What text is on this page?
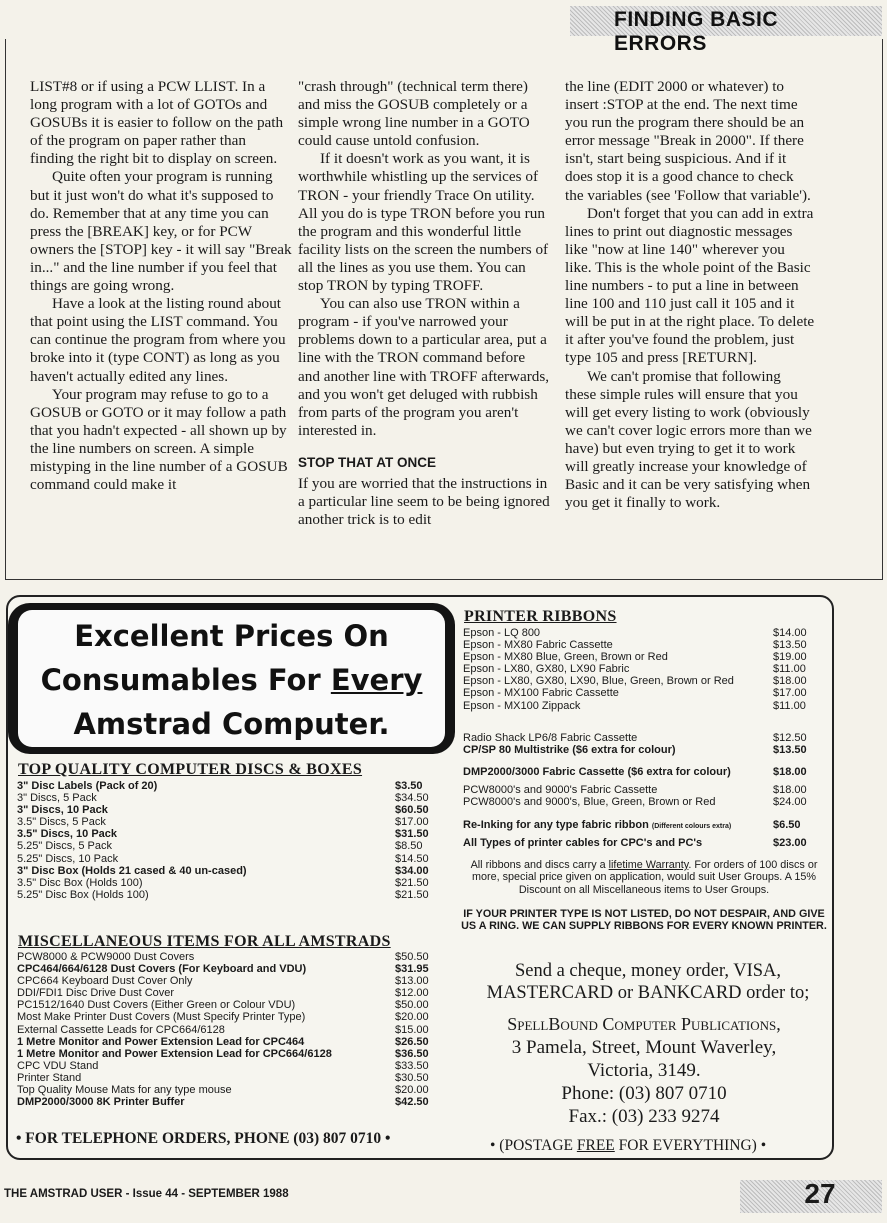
FINDING BASIC ERRORS

LIST#8 or if using a PCW LLIST. In a long program with a lot of GOTOs and GOSUBs it is easier to follow on the path of the program on paper rather than finding the right bit to display on screen.

Quite often your program is running but it just won't do what it's supposed to do. Remember that at any time you can press the [BREAK] key, or for PCW owners the [STOP] key - it will say "Break in..." and the line number if you feel that things are going wrong.

Have a look at the listing round about that point using the LIST command. You can continue the program from where you broke into it (type CONT) as long as you haven't actually edited any lines.

Your program may refuse to go to a GOSUB or GOTO or it may follow a path that you hadn't expected - all shown up by the line numbers on screen. A simple mistyping in the line number of a GOSUB command could make it

"crash through" (technical term there) and miss the GOSUB completely or a simple wrong line number in a GOTO could cause untold confusion.

If it doesn't work as you want, it is worthwhile whistling up the services of TRON - your friendly Trace On utility. All you do is type TRON before you run the program and this wonderful little facility lists on the screen the numbers of all the lines as you use them. You can stop TRON by typing TROFF.

You can also use TRON within a program - if you've narrowed your problems down to a particular area, put a line with the TRON command before and another line with TROFF afterwards, and you won't get deluged with rubbish from parts of the program you aren't interested in.

STOP THAT AT ONCE

If you are worried that the instructions in a particular line seem to be being ignored another trick is to edit

the line (EDIT 2000 or whatever) to insert :STOP at the end. The next time you run the program there should be an error message "Break in 2000". If there isn't, start being suspicious. And if it does stop it is a good chance to check the variables (see 'Follow that variable').

Don't forget that you can add in extra lines to print out diagnostic messages like "now at line 140" wherever you like. This is the whole point of the Basic line numbers - to put a line in between line 100 and 110 just call it 105 and it will be put in at the right place. To delete it after you've found the problem, just type 105 and press [RETURN].

We can't promise that following these simple rules will ensure that you will get every listing to work (obviously we can't cover logic errors more than we have) but even trying to get it to work will greatly increase your knowledge of Basic and it can be very satisfying when you get it finally to work.

Excellent Prices On
Consumables For Every
Amstrad Computer.
TOP QUALITY COMPUTER DISCS & BOXES
3" Disc Labels (Pack of 20)	$3.50
3" Discs, 5 Pack	$34.50
3" Discs, 10 Pack	$60.50
3.5" Discs, 5 Pack	$17.00
3.5" Discs, 10 Pack	$31.50
5.25" Discs, 5 Pack	$8.50
5.25" Discs, 10 Pack	$14.50
3" Disc Box (Holds 21 cased & 40 un-cased)	$34.00
3.5" Disc Box (Holds 100)	$21.50
5.25" Disc Box (Holds 100)	$21.50
MISCELLANEOUS ITEMS FOR ALL AMSTRADS
PCW8000 & PCW9000 Dust Covers	$50.50
CPC464/664/6128 Dust Covers (For Keyboard and VDU)	$31.95
CPC664 Keyboard Dust Cover Only	$13.00
DDI/FDI1 Disc Drive Dust Cover	$12.00
PC1512/1640 Dust Covers (Either Green or Colour VDU)	$50.00
Most Make Printer Dust Covers (Must Specify Printer Type)	$20.00
External Cassette Leads for CPC664/6128	$15.00
1 Metre Monitor and Power Extension Lead for CPC464	$26.50
1 Metre Monitor and Power Extension Lead for CPC664/6128	$36.50
CPC VDU Stand	$33.50
Printer Stand	$30.50
Top Quality Mouse Mats for any type mouse	$20.00
DMP2000/3000 8K Printer Buffer	$42.50
PRINTER RIBBONS
Epson - LQ 800	$14.00
Epson - MX80 Fabric Cassette	$13.50
Epson - MX80 Blue, Green, Brown or Red	$19.00
Epson - LX80, GX80, LX90 Fabric	$11.00
Epson - LX80, GX80, LX90, Blue, Green, Brown or Red	$18.00
Epson - MX100 Fabric Cassette	$17.00
Epson - MX100 Zippack	$11.00
Radio Shack LP6/8 Fabric Cassette	$12.50
CP/SP 80 Multistrike ($6 extra for colour)	$13.50
DMP2000/3000 Fabric Cassette ($6 extra for colour)	$18.00
PCW8000's and 9000's Fabric Cassette	$18.00
PCW8000's and 9000's, Blue, Green, Brown or Red	$24.00
Re-Inking for any type fabric ribbon (Different colours extra)	$6.50
All Types of printer cables for CPC's and PC's	$23.00
All ribbons and discs carry a lifetime Warranty. For orders of 100 discs or more, special price given on application, would suit User Groups. A 15% Discount on all Miscellaneous items to User Groups.
IF YOUR PRINTER TYPE IS NOT LISTED, DO NOT DESPAIR, AND GIVE US A RING. WE CAN SUPPLY RIBBONS FOR EVERY KNOWN PRINTER.
Send a cheque, money order, VISA, MASTERCARD or BANKCARD order to;
SpellBound Computer Publications,
3 Pamela, Street, Mount Waverley,
Victoria, 3149.
Phone: (03) 807 0710
Fax.: (03) 233 9274
• FOR TELEPHONE ORDERS, PHONE (03) 807 0710 •	• (POSTAGE FREE FOR EVERYTHING) •
THE AMSTRAD USER - Issue 44 - SEPTEMBER 1988	27
